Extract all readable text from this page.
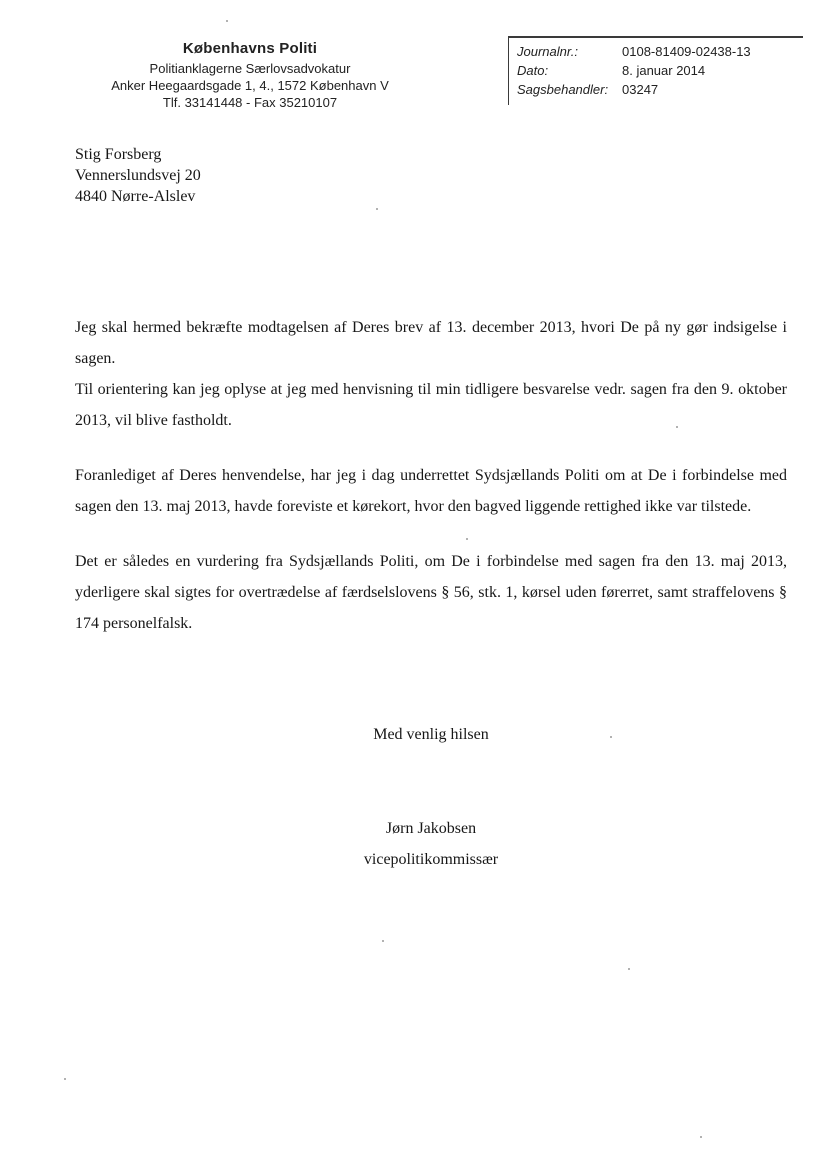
Københavns Politi
Politianklagerne Særlovsadvokatur
Anker Heegaardsgade 1, 4., 1572 København V
Tlf. 33141448 - Fax 35210107
Journalnr.:	0108-81409-02438-13
Dato:	8. januar 2014
Sagsbehandler:	03247
Stig Forsberg
Vennerslundsvej 20
4840 Nørre-Alslev

Jeg skal hermed bekræfte modtagelsen af Deres brev af 13. december 2013, hvori De på ny gør indsigelse i sagen.

Til orientering kan jeg oplyse at jeg med henvisning til min tidligere besvarelse vedr. sagen fra den 9. oktober 2013, vil blive fastholdt.

Foranlediget af Deres henvendelse, har jeg i dag underrettet Sydsjællands Politi om at De i forbindelse med sagen den 13. maj 2013, havde foreviste et kørekort, hvor den bagved liggende rettighed ikke var tilstede.

Det er således en vurdering fra Sydsjællands Politi, om De i forbindelse med sagen fra den 13. maj 2013, yderligere skal sigtes for overtrædelse af færdselslovens § 56, stk. 1, kørsel uden førerret, samt straffelovens § 174 personelfalsk.

Med venlig hilsen
Jørn Jakobsen
vicepolitikommissær
